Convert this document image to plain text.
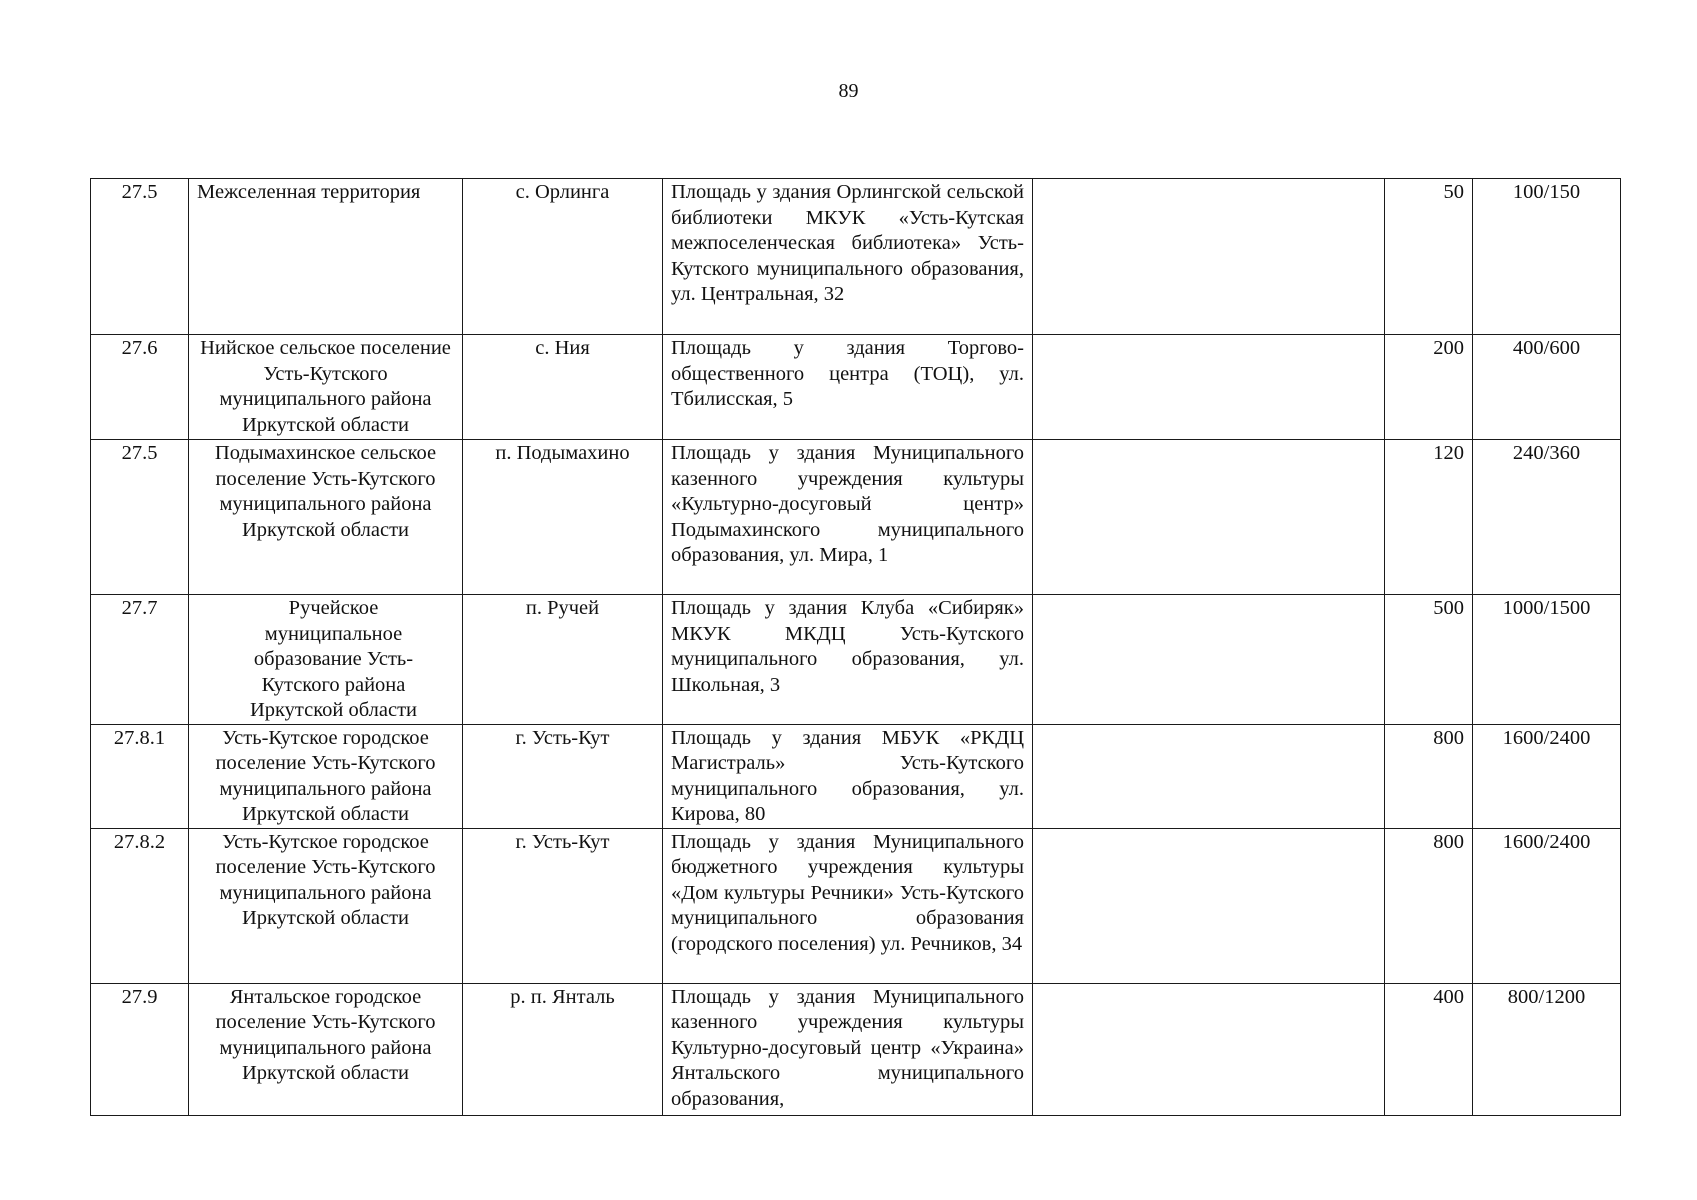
89
27.5	Межселенная территория	с. Орлинга	Площадь у здания Орлингской сельской библиотеки МКУК «Усть-Кутская межпоселенческая библиотека» Усть-Кутского муниципального образования, ул. Центральная, 32		50	100/150
27.6	Нийское сельское поселение Усть-Кутского муниципального района Иркутской области	с. Ния	Площадь у здания Торгово-общественного центра (ТОЦ), ул. Тбилисская, 5		200	400/600
27.5	Подымахинское сельское поселение Усть-Кутского муниципального района Иркутской области	п. Подымахино	Площадь у здания Муниципального казенного учреждения культуры «Культурно-досуговый центр» Подымахинского муниципального образования, ул. Мира, 1		120	240/360
27.7	Ручейское муниципальное образование Усть-Кутского района Иркутской области	п. Ручей	Площадь у здания Клуба «Сибиряк» МКУК МКДЦ Усть-Кутского муниципального образования, ул. Школьная, 3		500	1000/1500
27.8.1	Усть-Кутское городское поселение Усть-Кутского муниципального района Иркутской области	г. Усть-Кут	Площадь у здания МБУК «РКДЦ Магистраль» Усть-Кутского муниципального образования, ул. Кирова, 80		800	1600/2400
27.8.2	Усть-Кутское городское поселение Усть-Кутского муниципального района Иркутской области	г. Усть-Кут	Площадь у здания Муниципального бюджетного учреждения культуры «Дом культуры Речники» Усть-Кутского муниципального образования (городского поселения) ул. Речников, 34		800	1600/2400
27.9	Янтальское городское поселение Усть-Кутского муниципального района Иркутской области	р. п. Янталь	Площадь у здания Муниципального казенного учреждения культуры Культурно-досуговый центр «Украина» Янтальского муниципального образования,		400	800/1200
